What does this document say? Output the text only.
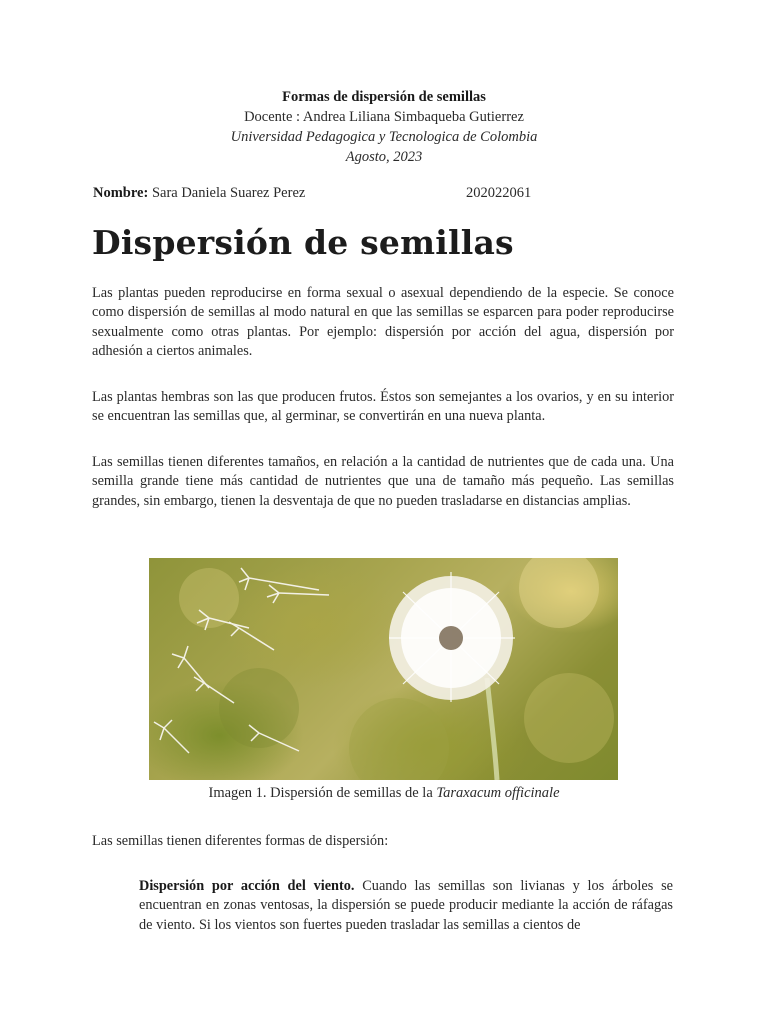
Formas de dispersión de semillas
Docente : Andrea Liliana Simbaqueba Gutierrez
Universidad Pedagogica y Tecnologica de Colombia
Agosto, 2023
Nombre: Sara Daniela Suarez Perez	202022061
Dispersión de semillas

Las plantas pueden reproducirse en forma sexual o asexual dependiendo de la especie. Se conoce como dispersión de semillas al modo natural en que las semillas se esparcen para poder reproducirse sexualmente como otras plantas. Por ejemplo: dispersión por acción del agua, dispersión por adhesión a ciertos animales.

Las plantas hembras son las que producen frutos. Éstos son semejantes a los ovarios, y en su interior se encuentran las semillas que, al germinar, se convertirán en una nueva planta.

Las semillas tienen diferentes tamaños, en relación a la cantidad de nutrientes que de cada una. Una semilla grande tiene más cantidad de nutrientes que una de tamaño más pequeño. Las semillas grandes, sin embargo, tienen la desventaja de que no pueden trasladarse en distancias amplias.

Imagen 1. Dispersión de semillas de la Taraxacum officinale

Las semillas tienen diferentes formas de dispersión:

Dispersión por acción del viento. Cuando las semillas son livianas y los árboles se encuentran en zonas ventosas, la dispersión se puede producir mediante la acción de ráfagas de viento. Si los vientos son fuertes pueden trasladar las semillas a cientos de
